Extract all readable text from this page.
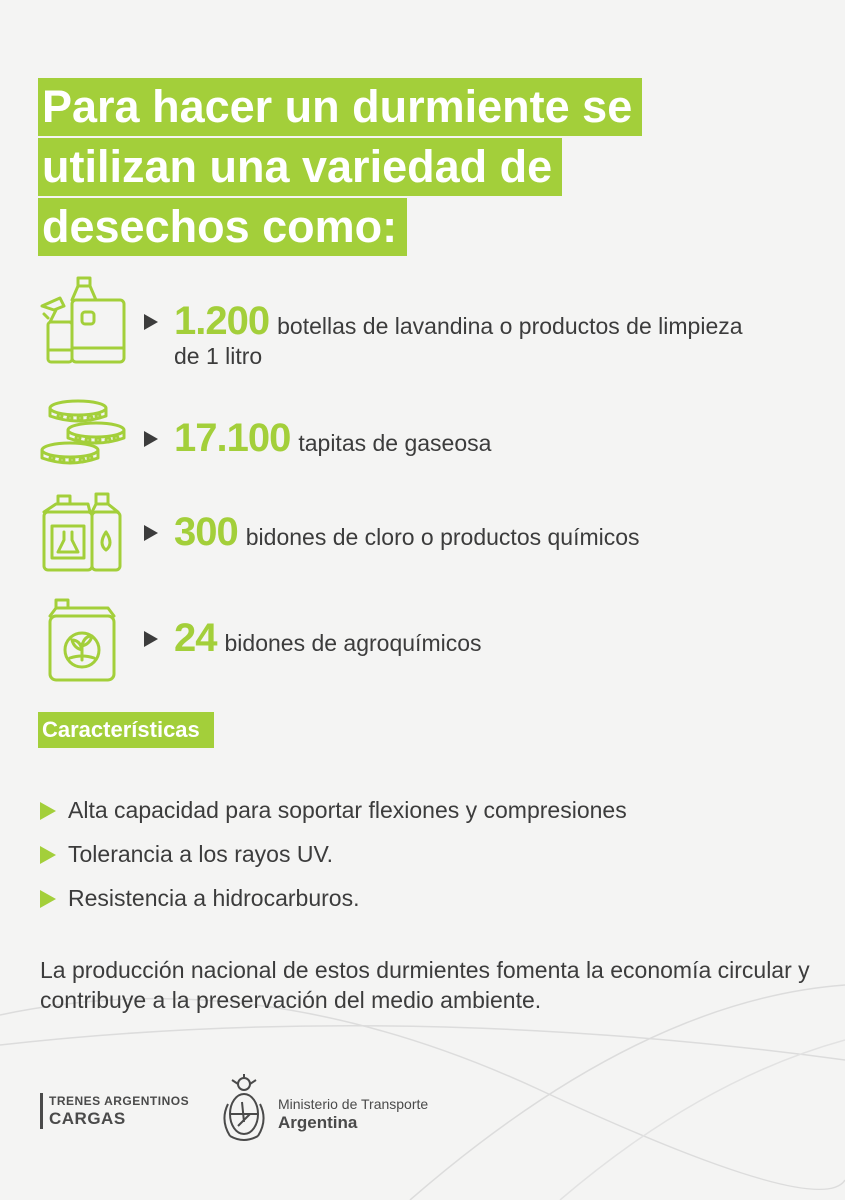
Para hacer un durmiente se
utilizan una variedad de
desechos como:
1.200 botellas de lavandina o productos de limpieza
de 1 litro
17.100 tapitas de gaseosa
300 bidones de cloro o productos químicos
24 bidones de agroquímicos
Características
Alta capacidad para soportar flexiones y compresiones
Tolerancia a los rayos UV.
Resistencia a hidrocarburos.

La producción nacional de estos durmientes fomenta la economía circular y contribuye a la preservación del medio ambiente.

TRENES ARGENTINOS
CARGAS
Ministerio de Transporte
Argentina
